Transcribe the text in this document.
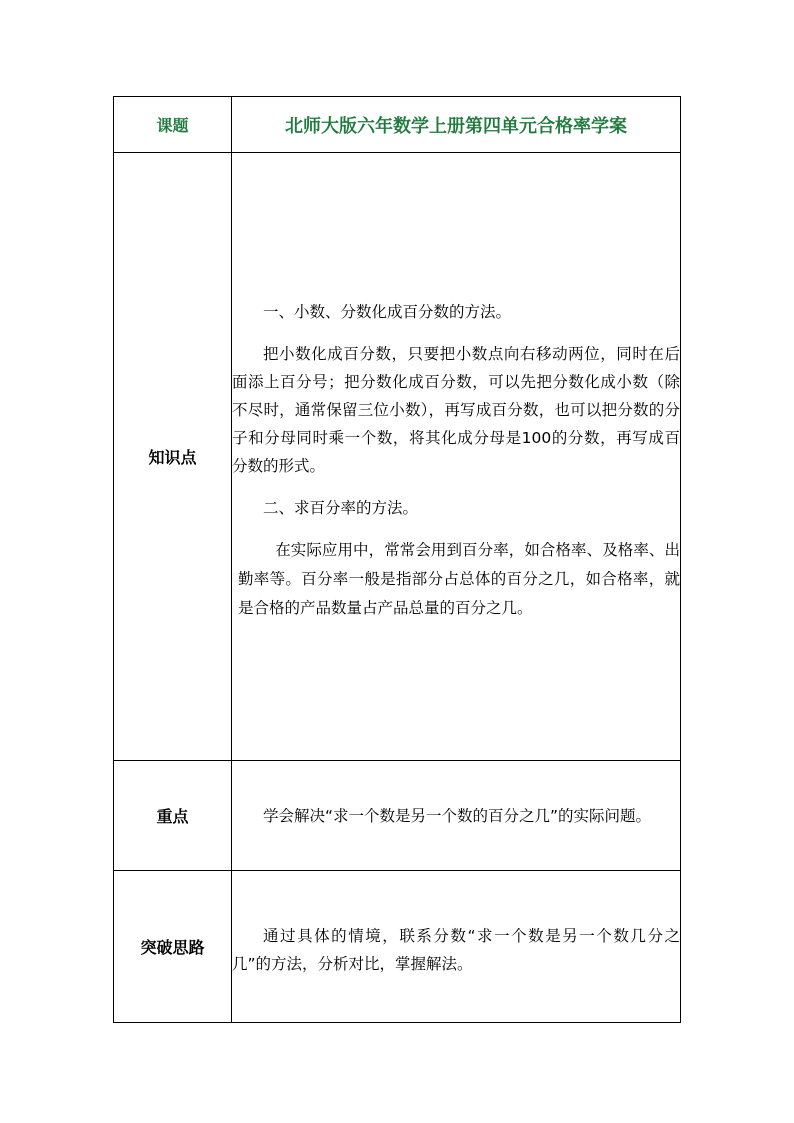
课题	北师大版六年数学上册第四单元合格率学案
知识点	一、小数、分数化成百分数的方法。

把小数化成百分数，只要把小数点向右移动两位，同时在后面添上百分号；把分数化成百分数，可以先把分数化成小数（除不尽时，通常保留三位小数），再写成百分数，也可以把分数的分子和分母同时乘一个数，将其化成分母是100的分数，再写成百分数的形式。

二、求百分率的方法。

在实际应用中，常常会用到百分率，如合格率、及格率、出勤率等。百分率一般是指部分占总体的百分之几，如合格率，就是合格的产品数量占产品总量的百分之几。

重点	学会解决“求一个数是另一个数的百分之几”的实际问题。

突破思路	通过具体的情境，联系分数“求一个数是另一个数几分之几”的方法，分析对比，掌握解法。
